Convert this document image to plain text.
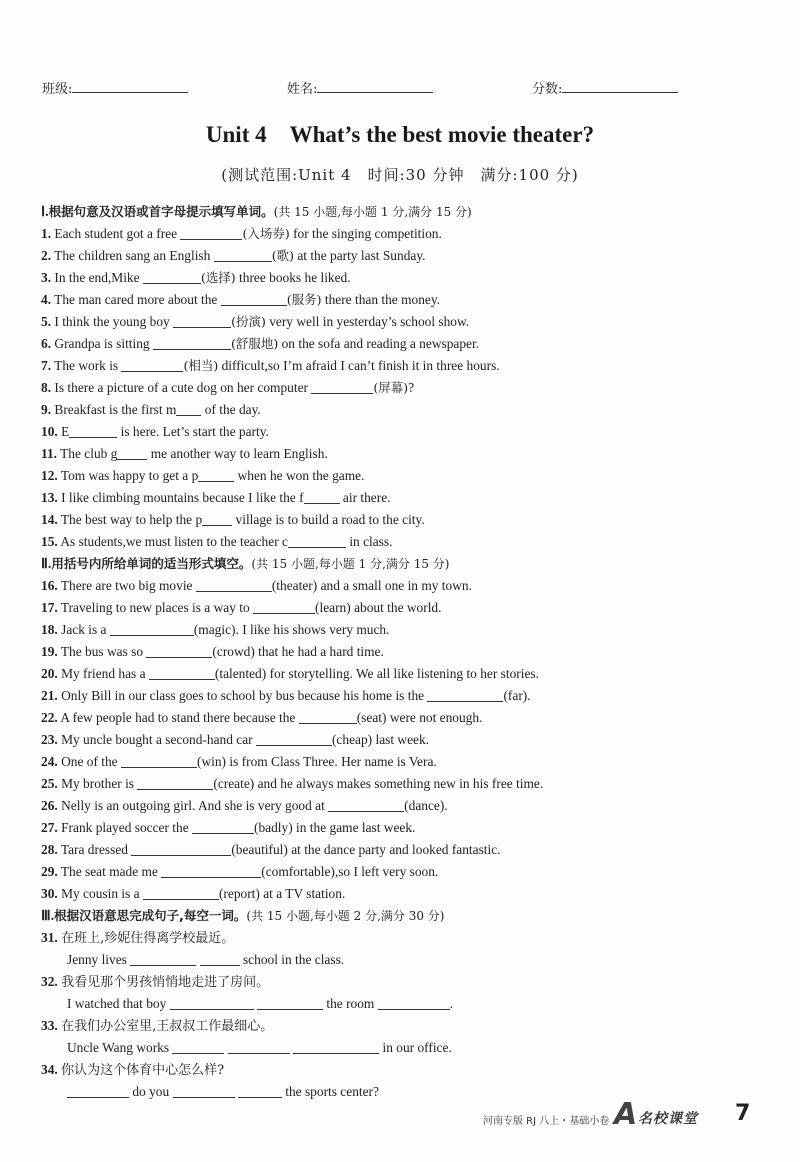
班级:	姓名:	分数:
Unit 4　What’s the best movie theater?
(测试范围:Unit 4　时间:30 分钟　满分:100 分)
Ⅰ.根据句意及汉语或首字母提示填写单词。(共 15 小题,每小题 1 分,满分 15 分)
1. Each student got a free	(入场券) for the singing competition.
2. The children sang an English	(歌) at the party last Sunday.
3. In the end,Mike	(选择) three books he liked.
4. The man cared more about the	(服务) there than the money.
5. I think the young boy	(扮演) very well in yesterday’s school show.
6. Grandpa is sitting	(舒服地) on the sofa and reading a newspaper.
7. The work is	(相当) difficult,so I’m afraid I can’t finish it in three hours.
8. Is there a picture of a cute dog on her computer	(屏幕)?
9. Breakfast is the first m of the day.
10. E	is here. Let’s start the party.
11. The club g me another way to learn English.
12. Tom was happy to get a p	when he won the game.
13. I like climbing mountains because I like the f	air there.
14. The best way to help the p village is to build a road to the city.
15. As students,we must listen to the teacher c	in class.
Ⅱ.用括号内所给单词的适当形式填空。(共 15 小题,每小题 1 分,满分 15 分)
16. There are two big movie	(theater) and a small one in my town.
17. Traveling to new places is a way to	(learn) about the world.
18. Jack is a	(magic). I like his shows very much.
19. The bus was so	(crowd) that he had a hard time.
20. My friend has a	(talented) for storytelling. We all like listening to her stories.
21. Only Bill in our class goes to school by bus because his home is the	(far).
22. A few people had to stand there because the	(seat) were not enough.
23. My uncle bought a second-hand car	(cheap) last week.
24. One of the	(win) is from Class Three. Her name is Vera.
25. My brother is	(create) and he always makes something new in his free time.
26. Nelly is an outgoing girl. And she is very good at	(dance).
27. Frank played soccer the	(badly) in the game last week.
28. Tara dressed	(beautiful) at the dance party and looked fantastic.
29. The seat made me	(comfortable),so I left very soon.
30. My cousin is a	(report) at a TV station.
Ⅲ.根据汉语意思完成句子,每空一词。(共 15 小题,每小题 2 分,满分 30 分)
31. 在班上,珍妮住得离学校最近。
Jenny lives	school in the class.
32. 我看见那个男孩悄悄地走进了房间。
I watched that boy	the room	.
33. 在我们办公室里,王叔叔工作最细心。
Uncle Wang works	in our office.
34. 你认为这个体育中心怎么样?
do you	the sports center?
河南专版 RJ 八上・基础小卷 A 名校课堂 7
